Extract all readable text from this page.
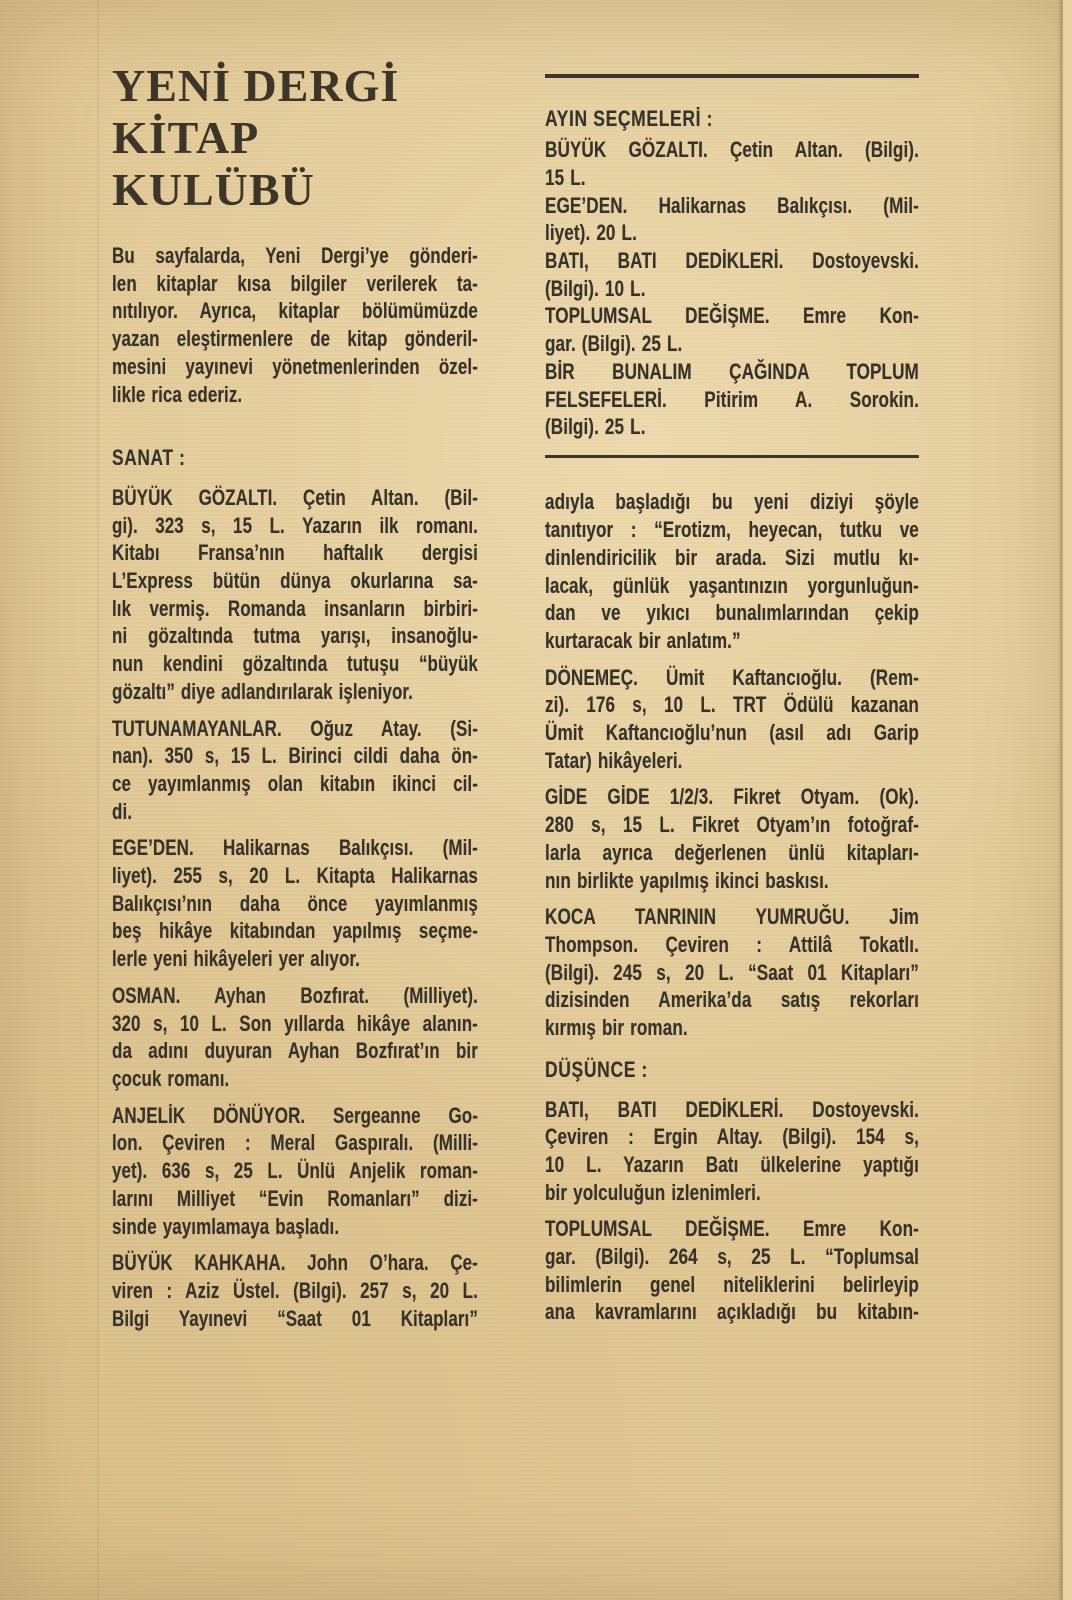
YENİ DERGİ
KİTAP
KULÜBÜ
Bu sayfalarda, Yeni Dergi’ye gönderi-
len kitaplar kısa bilgiler verilerek ta-
nıtılıyor. Ayrıca, kitaplar bölümümüzde
yazan eleştirmenlere de kitap gönderil-
mesini yayınevi yönetmenlerinden özel-
likle rica ederiz.
SANAT :
BÜYÜK GÖZALTI. Çetin Altan. (Bil-
gi). 323 s, 15 L. Yazarın ilk romanı.
Kitabı Fransa’nın haftalık dergisi
L’Express bütün dünya okurlarına sa-
lık vermiş. Romanda insanların birbiri-
ni gözaltında tutma yarışı, insanoğlu-
nun kendini gözaltında tutuşu “büyük
gözaltı” diye adlandırılarak işleniyor.
TUTUNAMAYANLAR. Oğuz Atay. (Si-
nan). 350 s, 15 L. Birinci cildi daha ön-
ce yayımlanmış olan kitabın ikinci cil-
di.
EGE’DEN. Halikarnas Balıkçısı. (Mil-
liyet). 255 s, 20 L. Kitapta Halikarnas
Balıkçısı’nın daha önce yayımlanmış
beş hikâye kitabından yapılmış seçme-
lerle yeni hikâyeleri yer alıyor.
OSMAN. Ayhan Bozfırat. (Milliyet).
320 s, 10 L. Son yıllarda hikâye alanın-
da adını duyuran Ayhan Bozfırat’ın bir
çocuk romanı.
ANJELİK DÖNÜYOR. Sergeanne Go-
lon. Çeviren : Meral Gaspıralı. (Milli-
yet). 636 s, 25 L. Ünlü Anjelik roman-
larını Milliyet “Evin Romanları” dizi-
sinde yayımlamaya başladı.
BÜYÜK KAHKAHA. John O’hara. Çe-
viren : Aziz Üstel. (Bilgi). 257 s, 20 L.
Bilgi Yayınevi “Saat 01 Kitapları”
AYIN SEÇMELERİ :
BÜYÜK GÖZALTI. Çetin Altan. (Bilgi).
15 L.
EGE’DEN. Halikarnas Balıkçısı. (Mil-
liyet). 20 L.
BATI, BATI DEDİKLERİ. Dostoyevski.
(Bilgi). 10 L.
TOPLUMSAL DEĞİŞME. Emre Kon-
gar. (Bilgi). 25 L.
BİR BUNALIM ÇAĞINDA TOPLUM
FELSEFELERİ. Pitirim A. Sorokin.
(Bilgi). 25 L.
adıyla başladığı bu yeni diziyi şöyle
tanıtıyor : “Erotizm, heyecan, tutku ve
dinlendiricilik bir arada. Sizi mutlu kı-
lacak, günlük yaşantınızın yorgunluğun-
dan ve yıkıcı bunalımlarından çekip
kurtaracak bir anlatım.”
DÖNEMEÇ. Ümit Kaftancıoğlu. (Rem-
zi). 176 s, 10 L. TRT Ödülü kazanan
Ümit Kaftancıoğlu’nun (asıl adı Garip
Tatar) hikâyeleri.
GİDE GİDE 1/2/3. Fikret Otyam. (Ok).
280 s, 15 L. Fikret Otyam’ın fotoğraf-
larla ayrıca değerlenen ünlü kitapları-
nın birlikte yapılmış ikinci baskısı.
KOCA TANRININ YUMRUĞU. Jim
Thompson. Çeviren : Attilâ Tokatlı.
(Bilgi). 245 s, 20 L. “Saat 01 Kitapları”
dizisinden Amerika’da satış rekorları
kırmış bir roman.
DÜŞÜNCE :
BATI, BATI DEDİKLERİ. Dostoyevski.
Çeviren : Ergin Altay. (Bilgi). 154 s,
10 L. Yazarın Batı ülkelerine yaptığı
bir yolculuğun izlenimleri.
TOPLUMSAL DEĞİŞME. Emre Kon-
gar. (Bilgi). 264 s, 25 L. “Toplumsal
bilimlerin genel niteliklerini belirleyip
ana kavramlarını açıkladığı bu kitabın-
